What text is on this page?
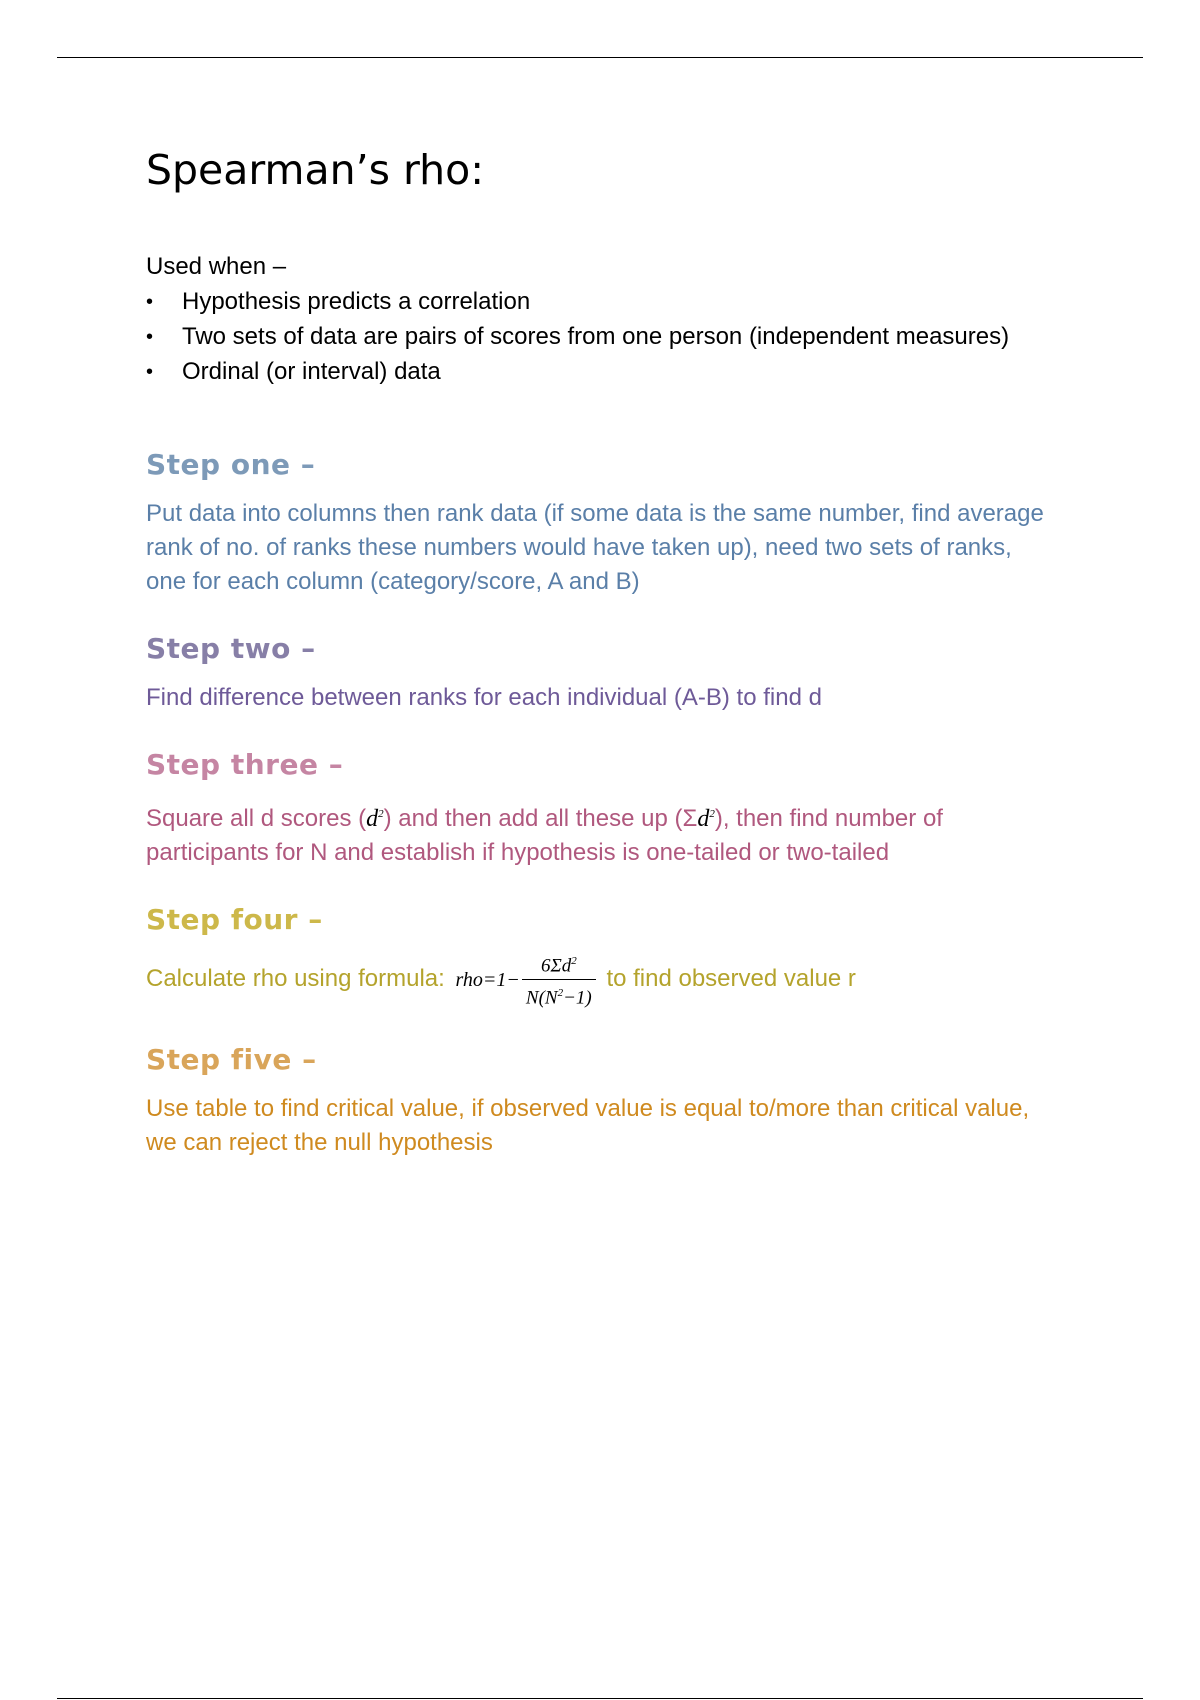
Spearman’s rho:
Used when –
• Hypothesis predicts a correlation
• Two sets of data are pairs of scores from one person (independent measures)
• Ordinal (or interval) data
Step one –

Put data into columns then rank data (if some data is the same number, find average rank of no. of ranks these numbers would have taken up), need two sets of ranks, one for each column (category/score, A and B)

Step two –

Find difference between ranks for each individual (A-B) to find d

Step three –

Square all d scores $(d^2)$ and then add all these up $(\Sigma d^2)$, then find number of participants for N and establish if hypothesis is one-tailed or two-tailed

Step four –

Calculate rho using formula: $rho=1- \frac{6\Sigma d^2}{N(N^2-1)}$ to find observed value r

Step five –

Use table to find critical value, if observed value is equal to/more than critical value, we can reject the null hypothesis
